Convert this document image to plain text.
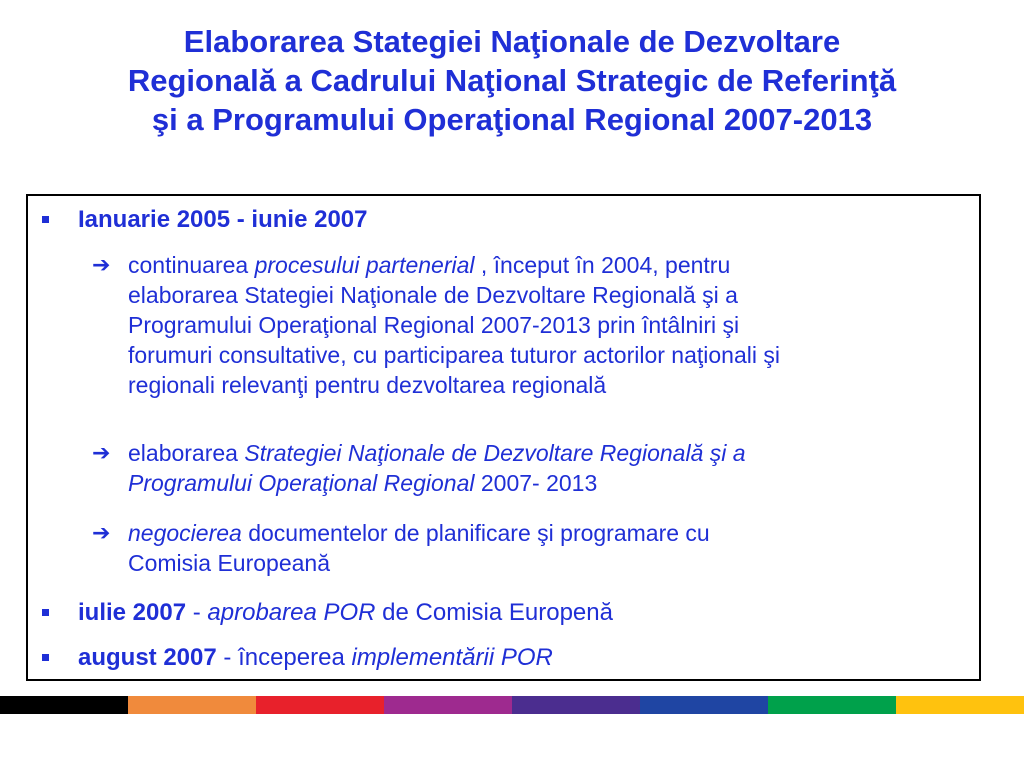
Elaborarea Stategiei Naţionale de Dezvoltare
Regională a Cadrului Naţional Strategic de Referinţă
şi a Programului Operaţional Regional 2007-2013
Ianuarie 2005 - iunie 2007
➔ continuarea procesului partenerial , început în 2004, pentru
elaborarea Stategiei Naţionale de Dezvoltare Regională şi a
Programului Operaţional Regional 2007-2013 prin întâlniri şi
forumuri consultative, cu participarea tuturor actorilor naţionali şi
regionali relevanţi pentru dezvoltarea regională
➔ elaborarea Strategiei Naţionale de Dezvoltare Regională şi a
Programului Operaţional Regional 2007- 2013
➔ negocierea documentelor de planificare şi programare cu
Comisia Europeană
iulie 2007 - aprobarea POR de Comisia Europenă
august 2007 - începerea implementării POR
